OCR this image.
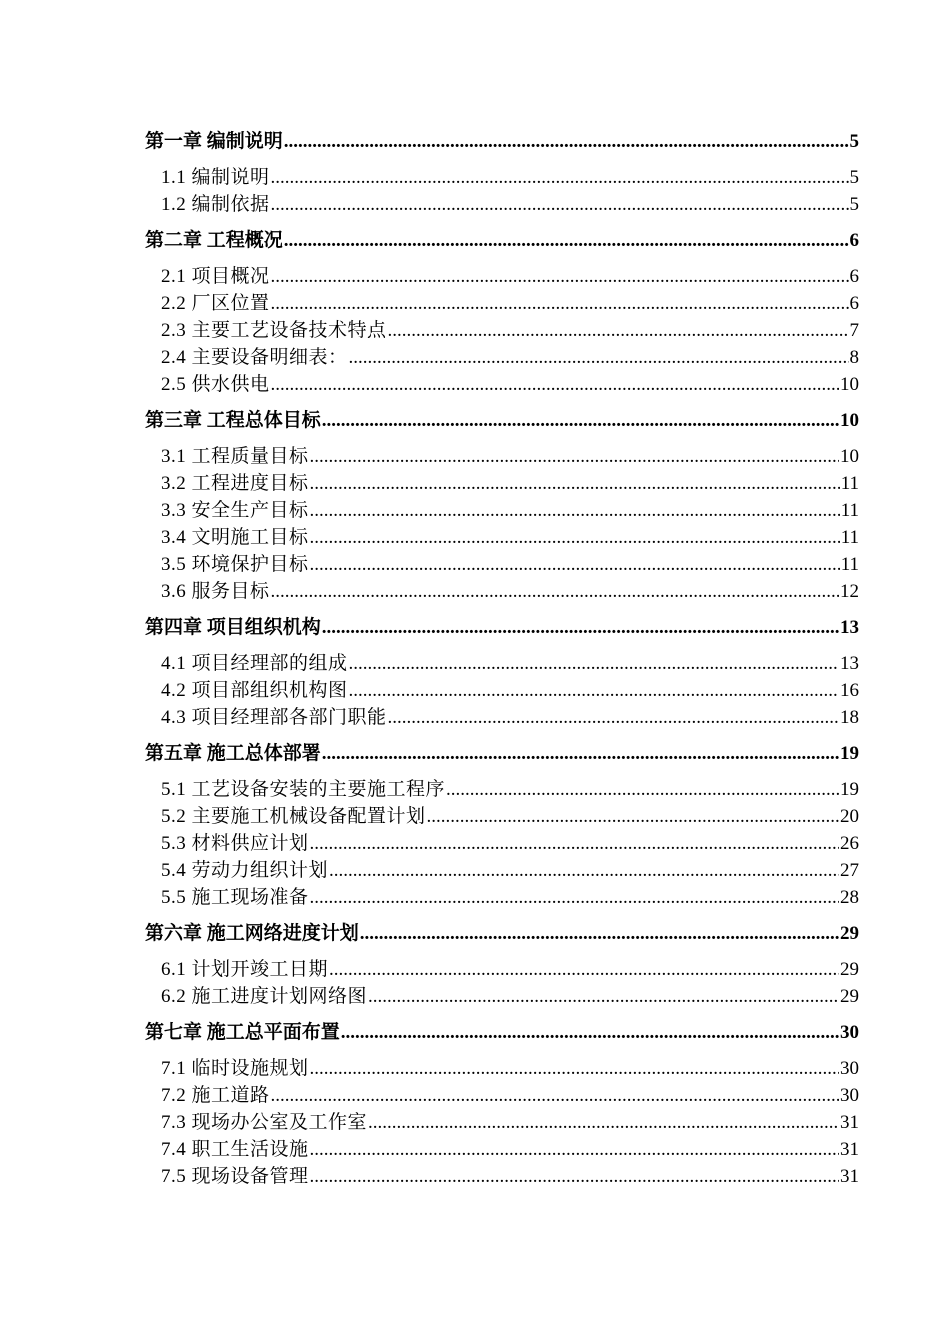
第一章 编制说明 .....	5
1.1 编制说明 .....	5
1.2 编制依据 .....	5
第二章 工程概况 .....	6
2.1 项目概况 .....	6
2.2 厂区位置 .....	6
2.3 主要工艺设备技术特点 .....	7
2.4 主要设备明细表： .....	8
2.5 供水供电 .....	10
第三章 工程总体目标 .....	10
3.1 工程质量目标 .....	10
3.2 工程进度目标 .....	11
3.3 安全生产目标 .....	11
3.4 文明施工目标 .....	11
3.5 环境保护目标 .....	11
3.6 服务目标 .....	12
第四章 项目组织机构 .....	13
4.1 项目经理部的组成 .....	13
4.2 项目部组织机构图 .....	16
4.3 项目经理部各部门职能 .....	18
第五章 施工总体部署 .....	19
5.1 工艺设备安装的主要施工程序 .....	19
5.2 主要施工机械设备配置计划 .....	20
5.3 材料供应计划 .....	26
5.4 劳动力组织计划 .....	27
5.5 施工现场准备 .....	28
第六章 施工网络进度计划 .....	29
6.1 计划开竣工日期 .....	29
6.2 施工进度计划网络图 .....	29
第七章 施工总平面布置 .....	30
7.1 临时设施规划 .....	30
7.2 施工道路 .....	30
7.3 现场办公室及工作室 .....	31
7.4 职工生活设施 .....	31
7.5 现场设备管理 .....	31
